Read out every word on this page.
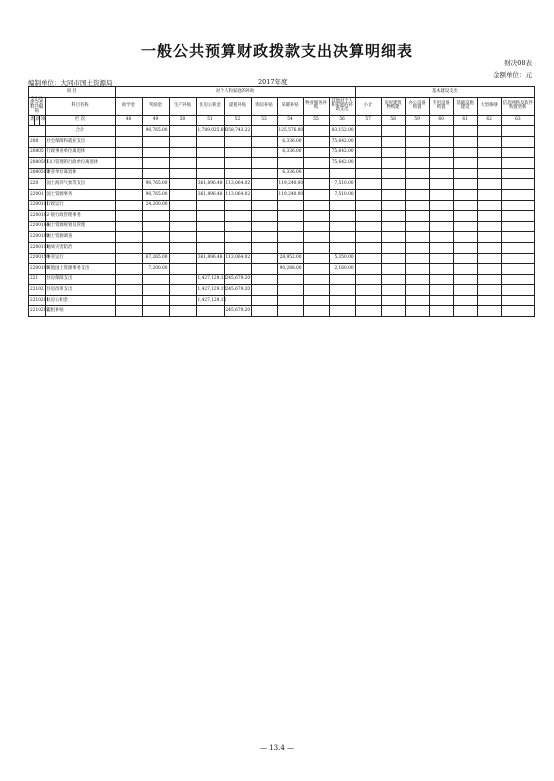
一般公共预算财政拨款支出决算明细表
财决08表
金额单位：元
编制单位：大同市国土资源局	2017年度
项 目				对个人和家庭的补助									基本建设支出						
支出功能分类科目编码			科目名称	助学金	奖励金	生产补贴	住房公积金	提租补贴	购房补贴	采暖补贴	物业服务补贴	其他对个人和家庭的补助支出	小计	房屋建筑物购建	办公设备购置	专用设备购置	基础设施建设	大型修缮	信息网络及软件购置更新
类	款	项	栏 次	48	49	50	51	52	53	54	55	56	57	58	59	60	61	62	63
			合计		96,765.00		1,789,025.69	358,743.22		125,576.00		83,152.00							
208			社会保障和就业支出							6,336.00		75,642.00							
20805			行政事业单位离退休							6,336.00		75,642.00							
2080501			归口管理的行政单位离退休									75,642.00							
2080502			事业单位离退休							6,336.00									
220			国土海洋气象等支出		96,765.00		361,896.48	113,064.02		119,240.00		7,510.00							
22001			国土资源事务		96,765.00		361,896.48	113,064.02		119,240.00		7,510.00							
2200101			行政运行		24,200.00														
2200102			一般行政管理事务																
2200104			国土资源规划及管理																
2200109			国土资源调查																
2200111			地质灾害防治																
2200150			事业运行		67,265.00		361,896.48	113,064.02		28,952.00		5,350.00							
2200199			其他国土资源事务支出		7,200.00					90,288.00		2,160.00							
221			住房保障支出				1,427,129.12	245,679.20											
22102			住房改革支出				1,427,129.12	245,679.20											
2210201			住房公积金				1,427,129.12												
2210202			提租补贴					245,679.20											
— 13.4 —
